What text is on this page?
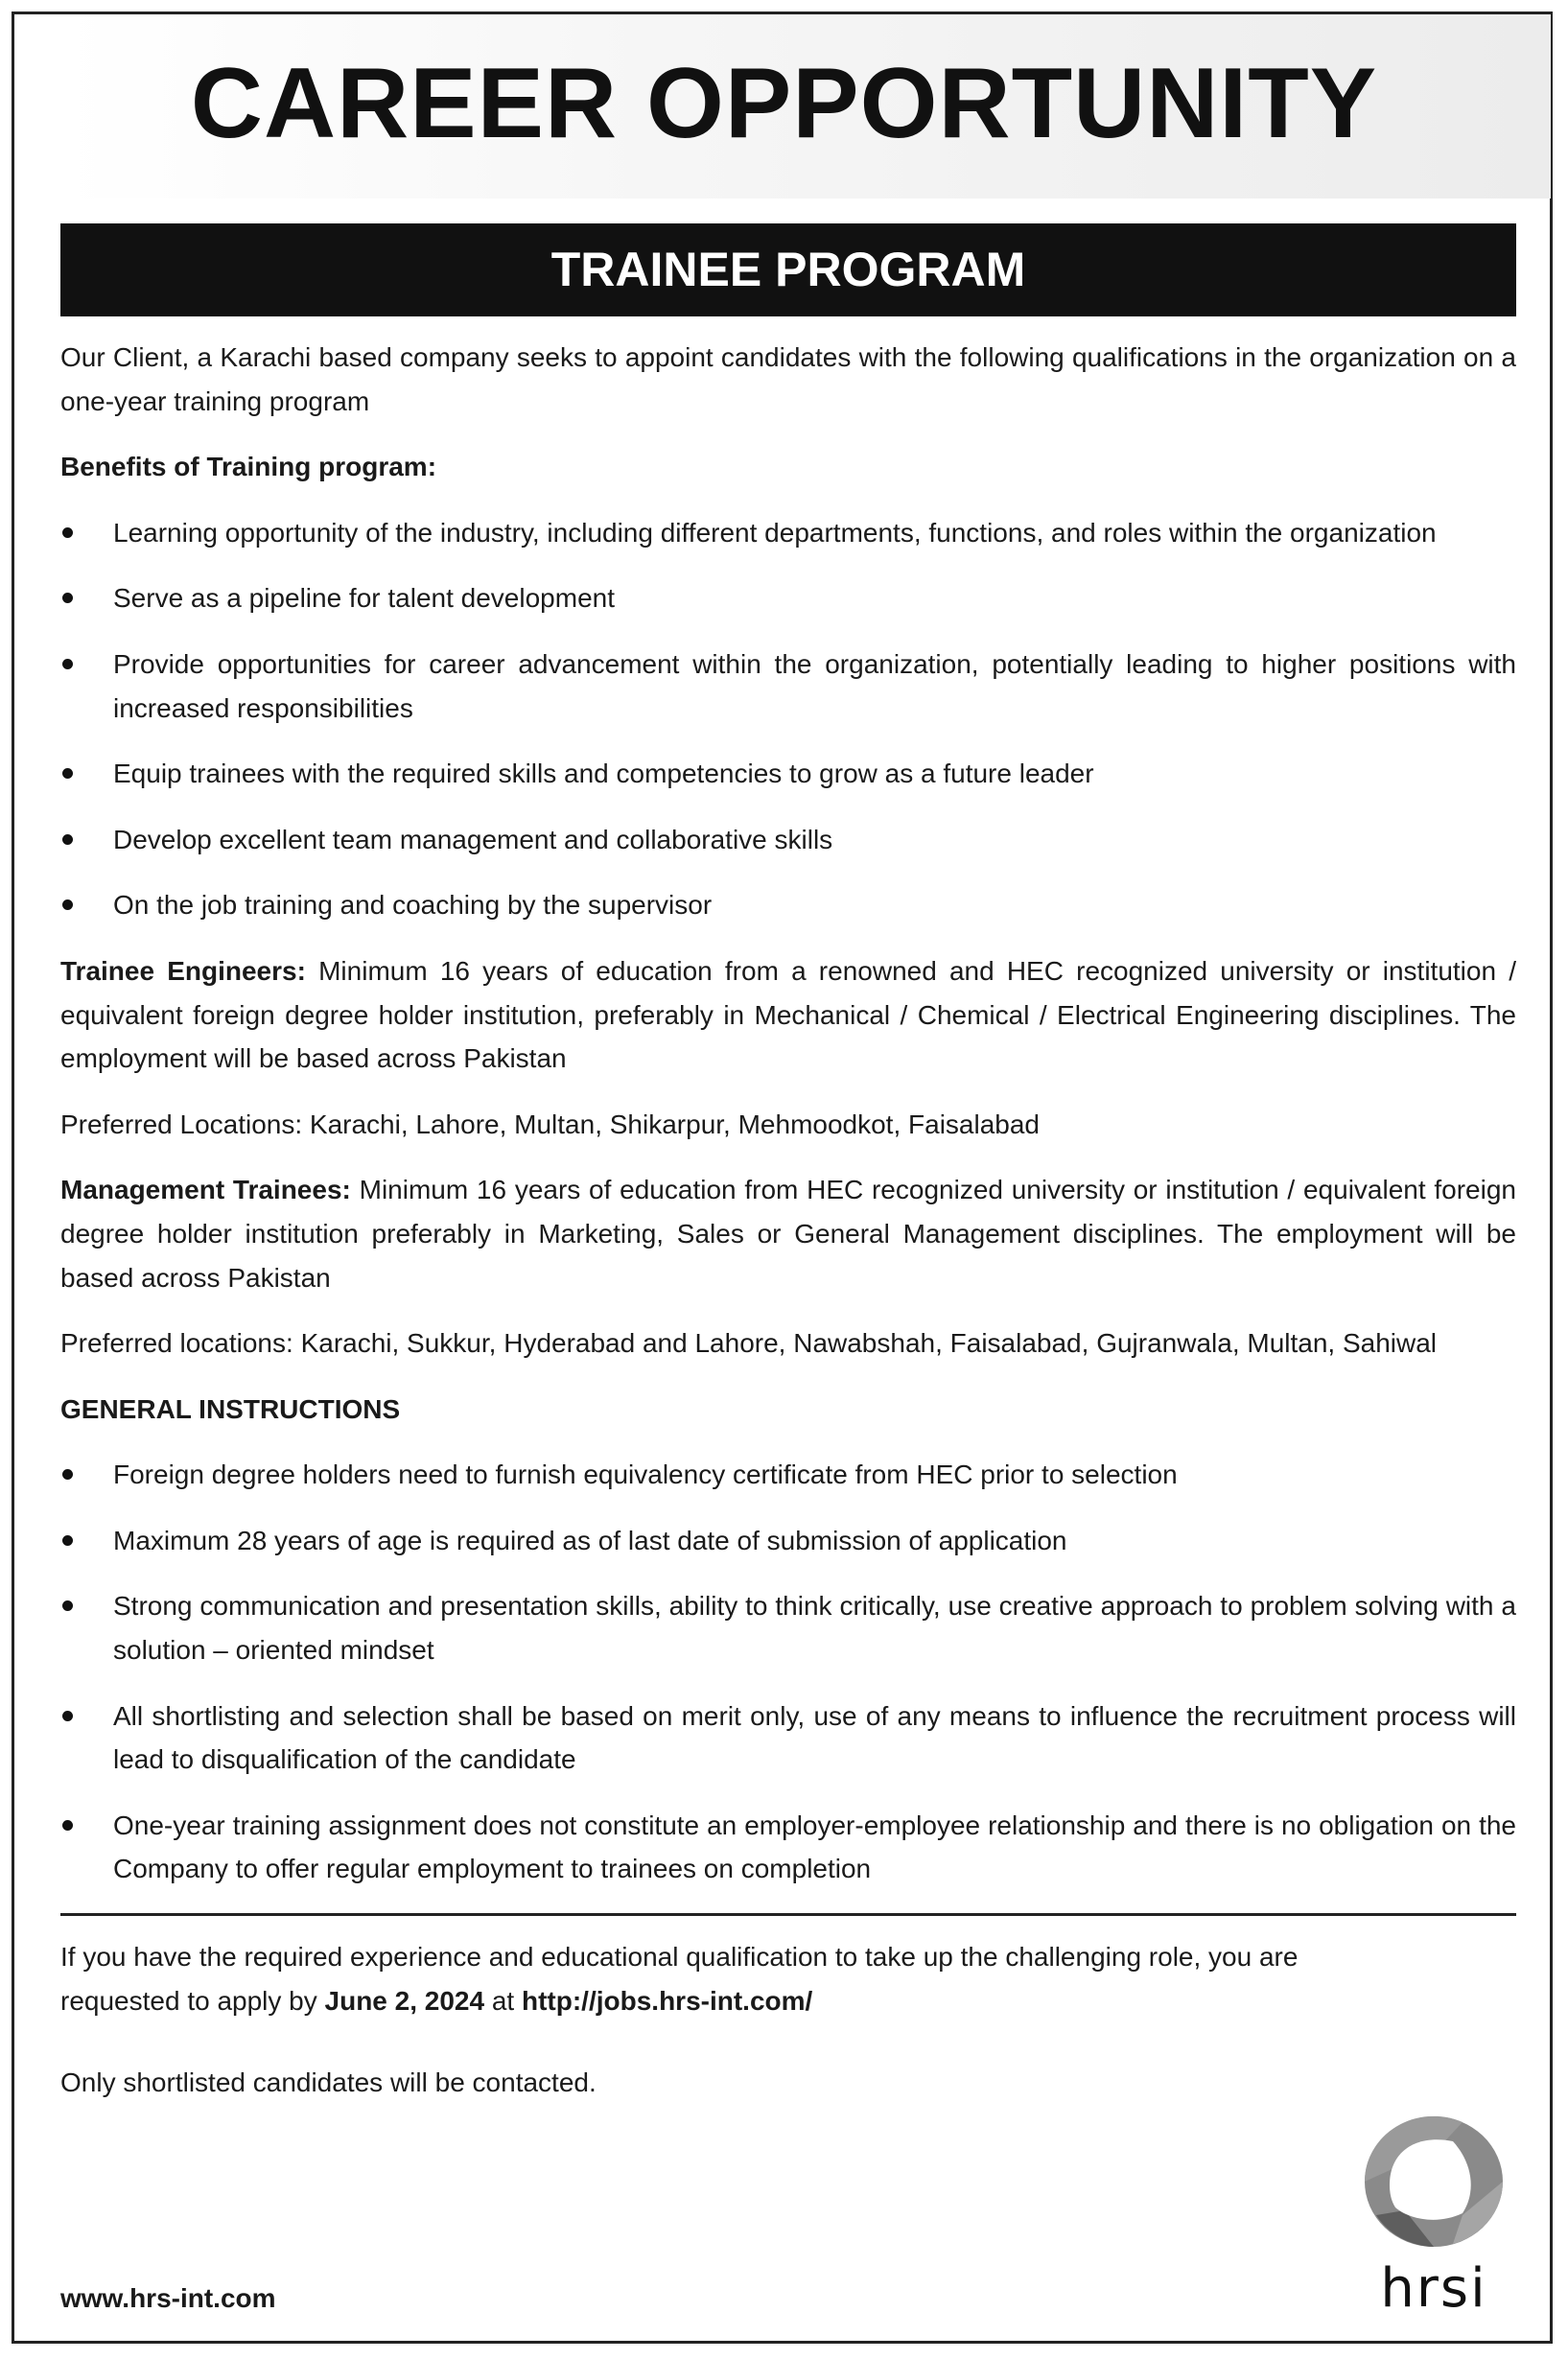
CAREER OPPORTUNITY
TRAINEE PROGRAM

Our Client, a Karachi based company seeks to appoint candidates with the following qualifications in the organization on a one-year training program

Benefits of Training program:

Learning opportunity of the industry, including different departments, functions, and roles within the organization
Serve as a pipeline for talent development
Provide opportunities for career advancement within the organization, potentially leading to higher positions with increased responsibilities
Equip trainees with the required skills and competencies to grow as a future leader
Develop excellent team management and collaborative skills
On the job training and coaching by the supervisor

Trainee Engineers: Minimum 16 years of education from a renowned and HEC recognized university or institution / equivalent foreign degree holder institution, preferably in Mechanical / Chemical / Electrical Engineering disciplines. The employment will be based across Pakistan

Preferred Locations: Karachi, Lahore, Multan, Shikarpur, Mehmoodkot, Faisalabad

Management Trainees: Minimum 16 years of education from HEC recognized university or institution / equivalent foreign degree holder institution preferably in Marketing, Sales or General Management disciplines. The employment will be based across Pakistan

Preferred locations: Karachi, Sukkur, Hyderabad and Lahore, Nawabshah, Faisalabad, Gujranwala, Multan, Sahiwal

GENERAL INSTRUCTIONS

Foreign degree holders need to furnish equivalency certificate from HEC prior to selection
Maximum 28 years of age is required as of last date of submission of application
Strong communication and presentation skills, ability to think critically, use creative approach to problem solving with a solution – oriented mindset
All shortlisting and selection shall be based on merit only, use of any means to influence the recruitment process will lead to disqualification of the candidate
One-year training assignment does not constitute an employer-employee relationship and there is no obligation on the Company to offer regular employment to trainees on completion

If you have the required experience and educational qualification to take up the challenging role, you are requested to apply by June 2, 2024 at http://jobs.hrs-int.com/

Only shortlisted candidates will be contacted.

www.hrs-int.com	hrsi
